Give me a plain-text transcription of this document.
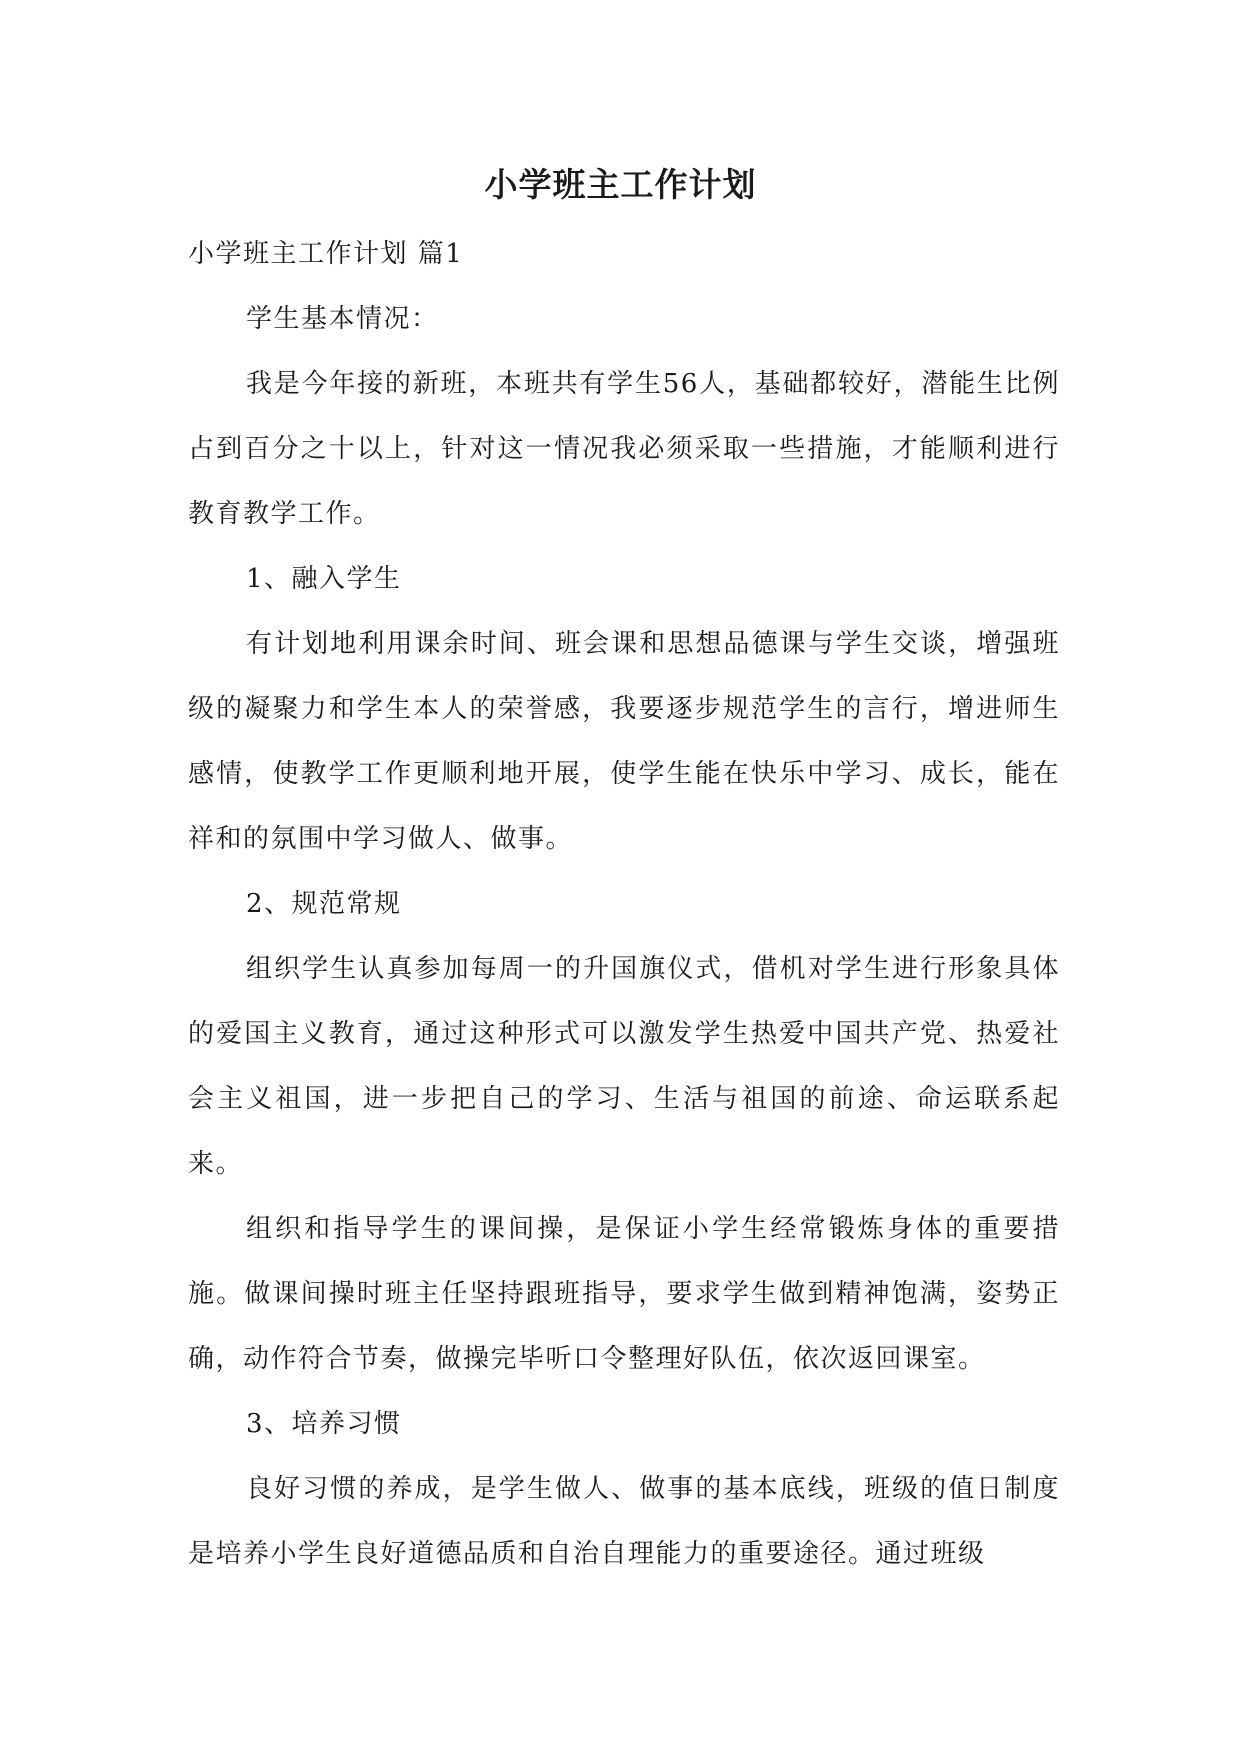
小学班主工作计划

小学班主工作计划 篇1

学生基本情况：

我是今年接的新班，本班共有学生56人，基础都较好，潜能生比例占到百分之十以上，针对这一情况我必须采取一些措施，才能顺利进行教育教学工作。

1、融入学生

有计划地利用课余时间、班会课和思想品德课与学生交谈，增强班级的凝聚力和学生本人的荣誉感，我要逐步规范学生的言行，增进师生感情，使教学工作更顺利地开展，使学生能在快乐中学习、成长，能在祥和的氛围中学习做人、做事。

2、规范常规

组织学生认真参加每周一的升国旗仪式，借机对学生进行形象具体的爱国主义教育，通过这种形式可以激发学生热爱中国共产党、热爱社会主义祖国，进一步把自己的学习、生活与祖国的前途、命运联系起来。

组织和指导学生的课间操，是保证小学生经常锻炼身体的重要措施。做课间操时班主任坚持跟班指导，要求学生做到精神饱满，姿势正确，动作符合节奏，做操完毕听口令整理好队伍，依次返回课室。

3、培养习惯

良好习惯的养成，是学生做人、做事的基本底线，班级的值日制度是培养小学生良好道德品质和自治自理能力的重要途径。通过班级
